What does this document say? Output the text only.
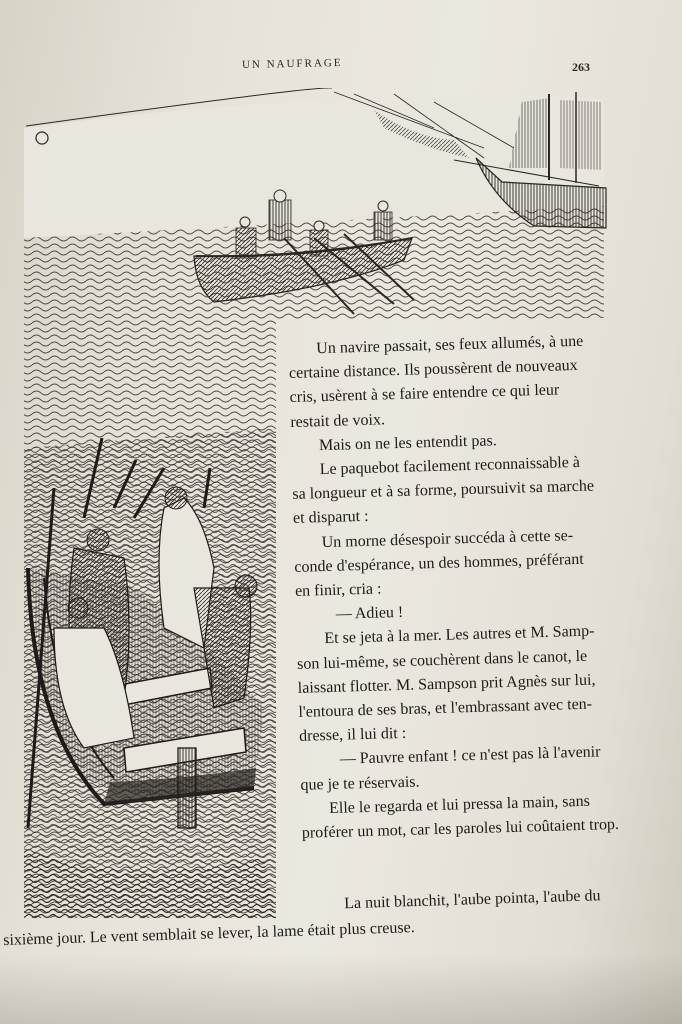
UN NAUFRAGE	263

Un navire passait, ses feux allumés, à une

certaine distance. Ils poussèrent de nouveaux

cris, usèrent à se faire entendre ce qui leur

restait de voix.

Mais on ne les entendit pas.

Le paquebot facilement reconnaissable à

sa longueur et à sa forme, poursuivit sa marche

et disparut :

Un morne désespoir succéda à cette se-

conde d'espérance, un des hommes, préférant

en finir, cria :

— Adieu !

Et se jeta à la mer. Les autres et M. Samp-

son lui-même, se couchèrent dans le canot, le

laissant flotter. M. Sampson prit Agnès sur lui,

l'entoura de ses bras, et l'embrassant avec ten-

dresse, il lui dit :

— Pauvre enfant ! ce n'est pas là l'avenir

que je te réservais.

Elle le regarda et lui pressa la main, sans

proférer un mot, car les paroles lui coûtaient trop.

La nuit blanchit, l'aube pointa, l'aube du

sixième jour. Le vent semblait se lever, la lame était plus creuse.
